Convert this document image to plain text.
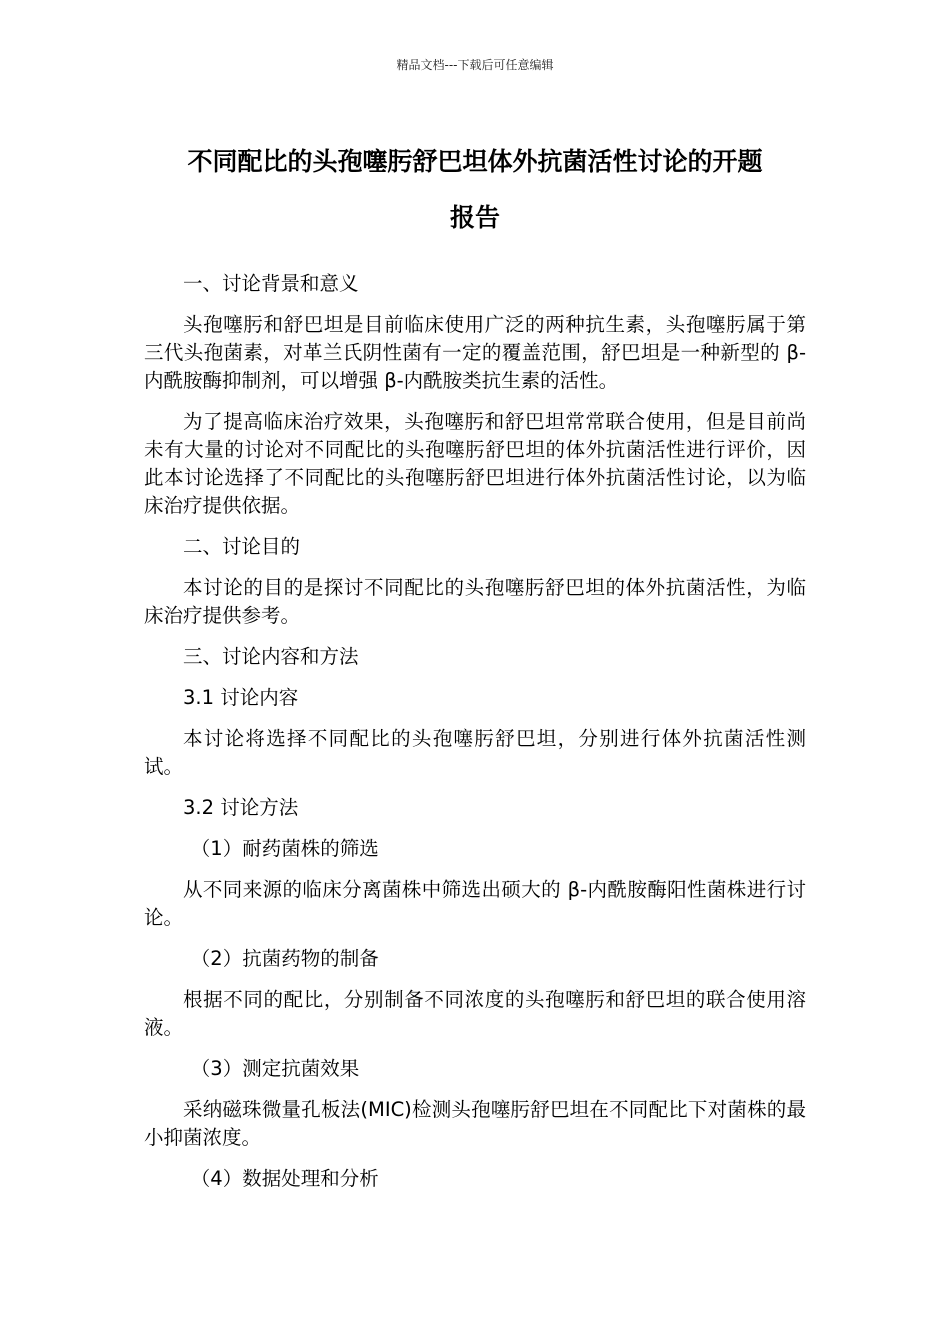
精品文档---下载后可任意编辑
不同配比的头孢噻肟舒巴坦体外抗菌活性讨论的开题
报告

一、讨论背景和意义

头孢噻肟和舒巴坦是目前临床使用广泛的两种抗生素，头孢噻肟属于第三代头孢菌素，对革兰氏阴性菌有一定的覆盖范围，舒巴坦是一种新型的 β-内酰胺酶抑制剂，可以增强 β-内酰胺类抗生素的活性。

为了提高临床治疗效果，头孢噻肟和舒巴坦常常联合使用，但是目前尚未有大量的讨论对不同配比的头孢噻肟舒巴坦的体外抗菌活性进行评价，因此本讨论选择了不同配比的头孢噻肟舒巴坦进行体外抗菌活性讨论，以为临床治疗提供依据。

二、讨论目的

本讨论的目的是探讨不同配比的头孢噻肟舒巴坦的体外抗菌活性，为临床治疗提供参考。

三、讨论内容和方法

3.1 讨论内容

本讨论将选择不同配比的头孢噻肟舒巴坦，分别进行体外抗菌活性测试。

3.2 讨论方法

（1）耐药菌株的筛选

从不同来源的临床分离菌株中筛选出硕大的 β-内酰胺酶阳性菌株进行讨论。

（2）抗菌药物的制备

根据不同的配比，分别制备不同浓度的头孢噻肟和舒巴坦的联合使用溶液。

（3）测定抗菌效果

采纳磁珠微量孔板法(MIC)检测头孢噻肟舒巴坦在不同配比下对菌株的最小抑菌浓度。

（4）数据处理和分析
